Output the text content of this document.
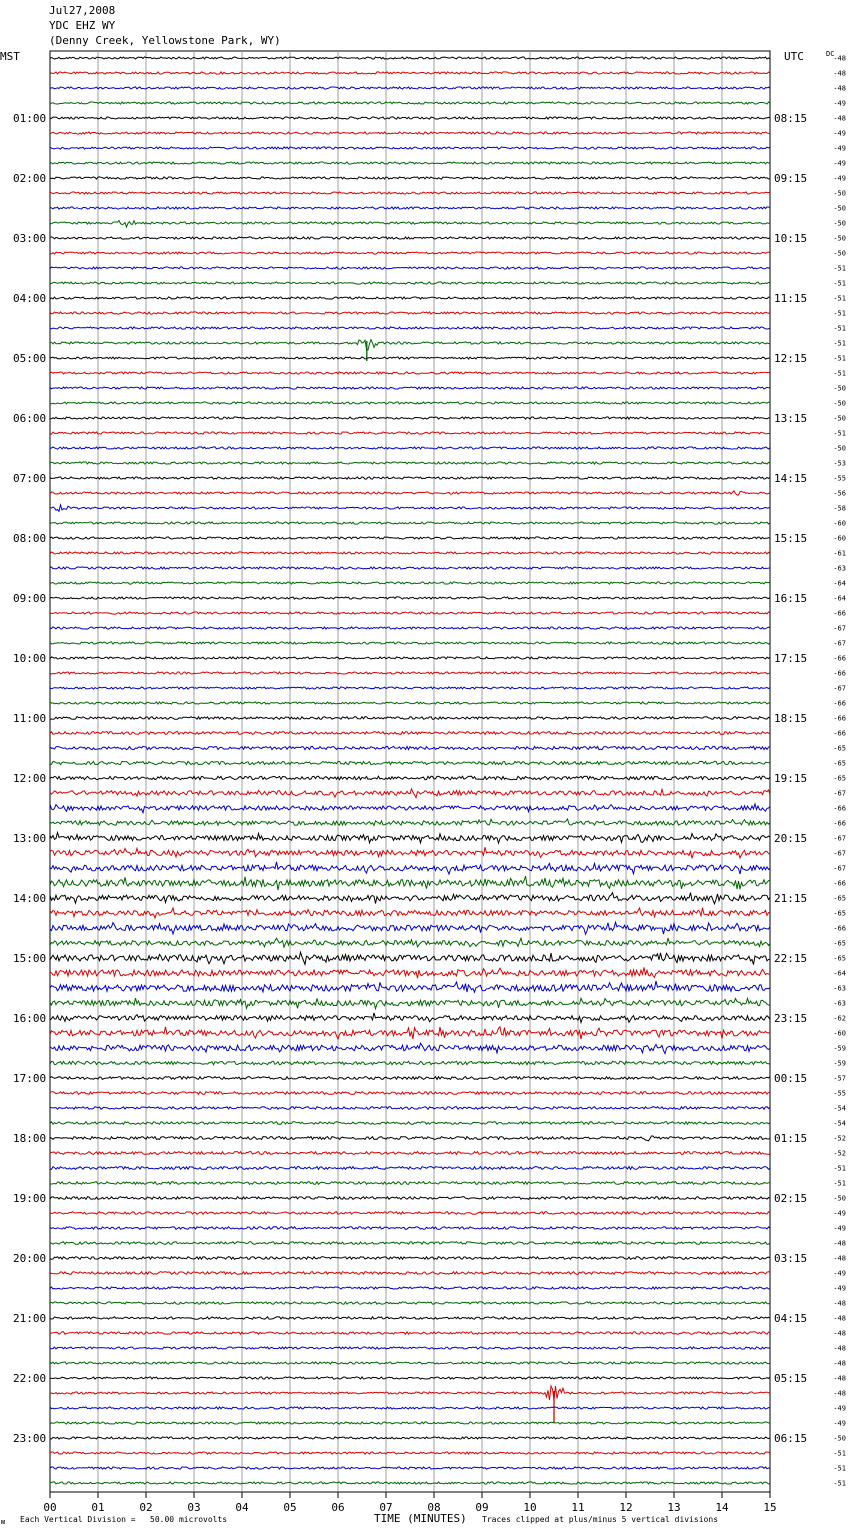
Jul27,2008
YDC EHZ WY
(Denny Creek, Yellowstone Park, WY)
MST	UTC	DC
00	01	02	03	04	05	06	07	08	09	10	11	12	13	14	15
-48
-48
-48
-49
-48
-49
-49
-49
-49
-50
-50
-50
-50
-50
-51
-51
-51
-51
-51
-51
-51
-51
-50
-50
-50
-51
-50
-53
-55
-56
-58
-60
-60
-61
-63
-64
-64
-66
-67
-67
-66
-66
-67
-66
-66
-66
-65
-65
-65
-67
-66
-66
-67
-67
-67
-66
-65
-65
-66
-65
-65
-64
-63
-63
-62
-60
-59
-59
-57
-55
-54
-54
-52
-52
-51
-51
-50
-49
-49
-48
-48
-49
-49
-48
-48
-48
-48
-48
-48
-48
-49
-49
-50
-51
-51
-51
01:00
02:00
03:00
04:00
05:00
06:00
07:00
08:00
09:00
10:00
11:00
12:00
13:00
14:00
15:00
16:00
17:00
18:00
19:00
20:00
21:00
22:00
23:00
08:15
09:15
10:15
11:15
12:15
13:15
14:15
15:15
16:15
17:15
18:15
19:15
20:15
21:15
22:15
23:15
00:15
01:15
02:15
03:15
04:15
05:15
06:15
ᴍ Each Vertical Division =   50.00 microvolts	TIME (MINUTES) Traces clipped at plus/minus 5 vertical divisions
